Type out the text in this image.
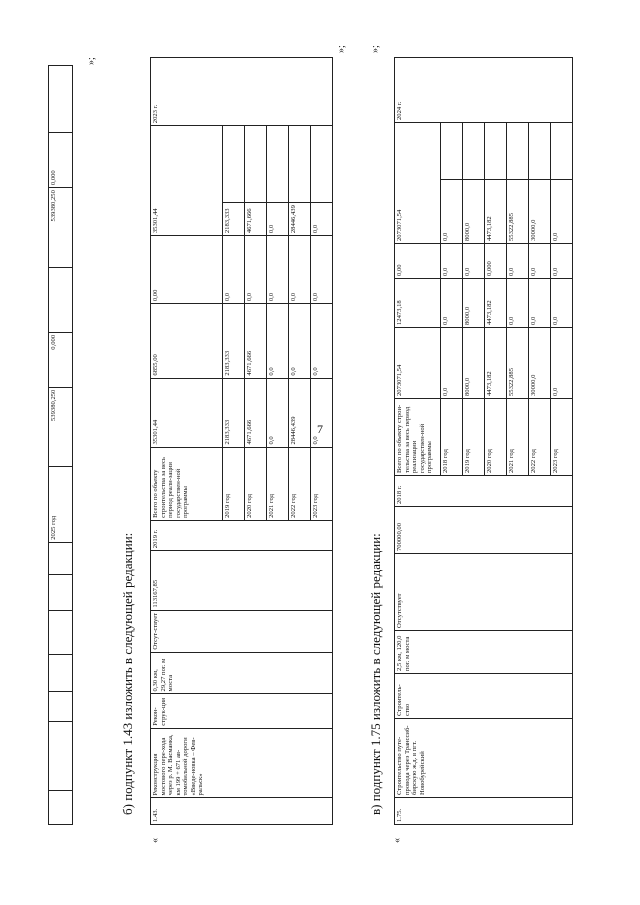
7
							2025 год	539380,250	0,000		539380,250	0,000	
»;
б) подпункт 1.43 изложить в следующей редакции:
«
1.43.	Реконструкция мостового пере-хода через р. М. Васманка, км 199 + 671 ав-томобильной дороги «Введе-новка – Фев-ральск»	Рекон-струк-ция	0,30 км, 29,27 пог. м моста	Отсут-ствует	113167,85	2019 г.	Всего по объекту строительства за весь период реали-зации государствен-ной программы	35301,44	6855,00	0,00	35301,44		2023 г.
							2019 год	2183,333	2183,333	0,0	2183,333		
							2020 год	4671,666	4671,666	0,0	4671,666		
							2021 год	0,0	0,0	0,0	0,0		
							2022 год	28446,439	0,0	0,0	28446,439		
							2023 год	0,0	0,0	0,0	0,0		
»;
в) подпункт 1.75 изложить в следующей редакции:
«
1.75.	Строительство путе-провода через Транссиб-бирскую ж.д. в пгт. Новобурейский	Строитель-ство	2,5 км, 120,0 пог. м моста	Отсутствует	700000,00	2018 г.	Всего по объекту строи-тельства за весь период реализации государствен-ной программы	2073071,54	12473,18	0,00	2073071,54		2024 г.
							2018 год	0,0	0,0	0,0	0,0		
							2019 год	8000,0	8000,0	0,0	8000,0		
							2020 год	4473,182	4473,182	0,000	4473,182		
							2021 год	55322,885	0,0	0,0	55322,885		
							2022 год	30000,0	0,0	0,0	30000,0		
							2023 год	0,0	0,0	0,0	0,0		
»;
